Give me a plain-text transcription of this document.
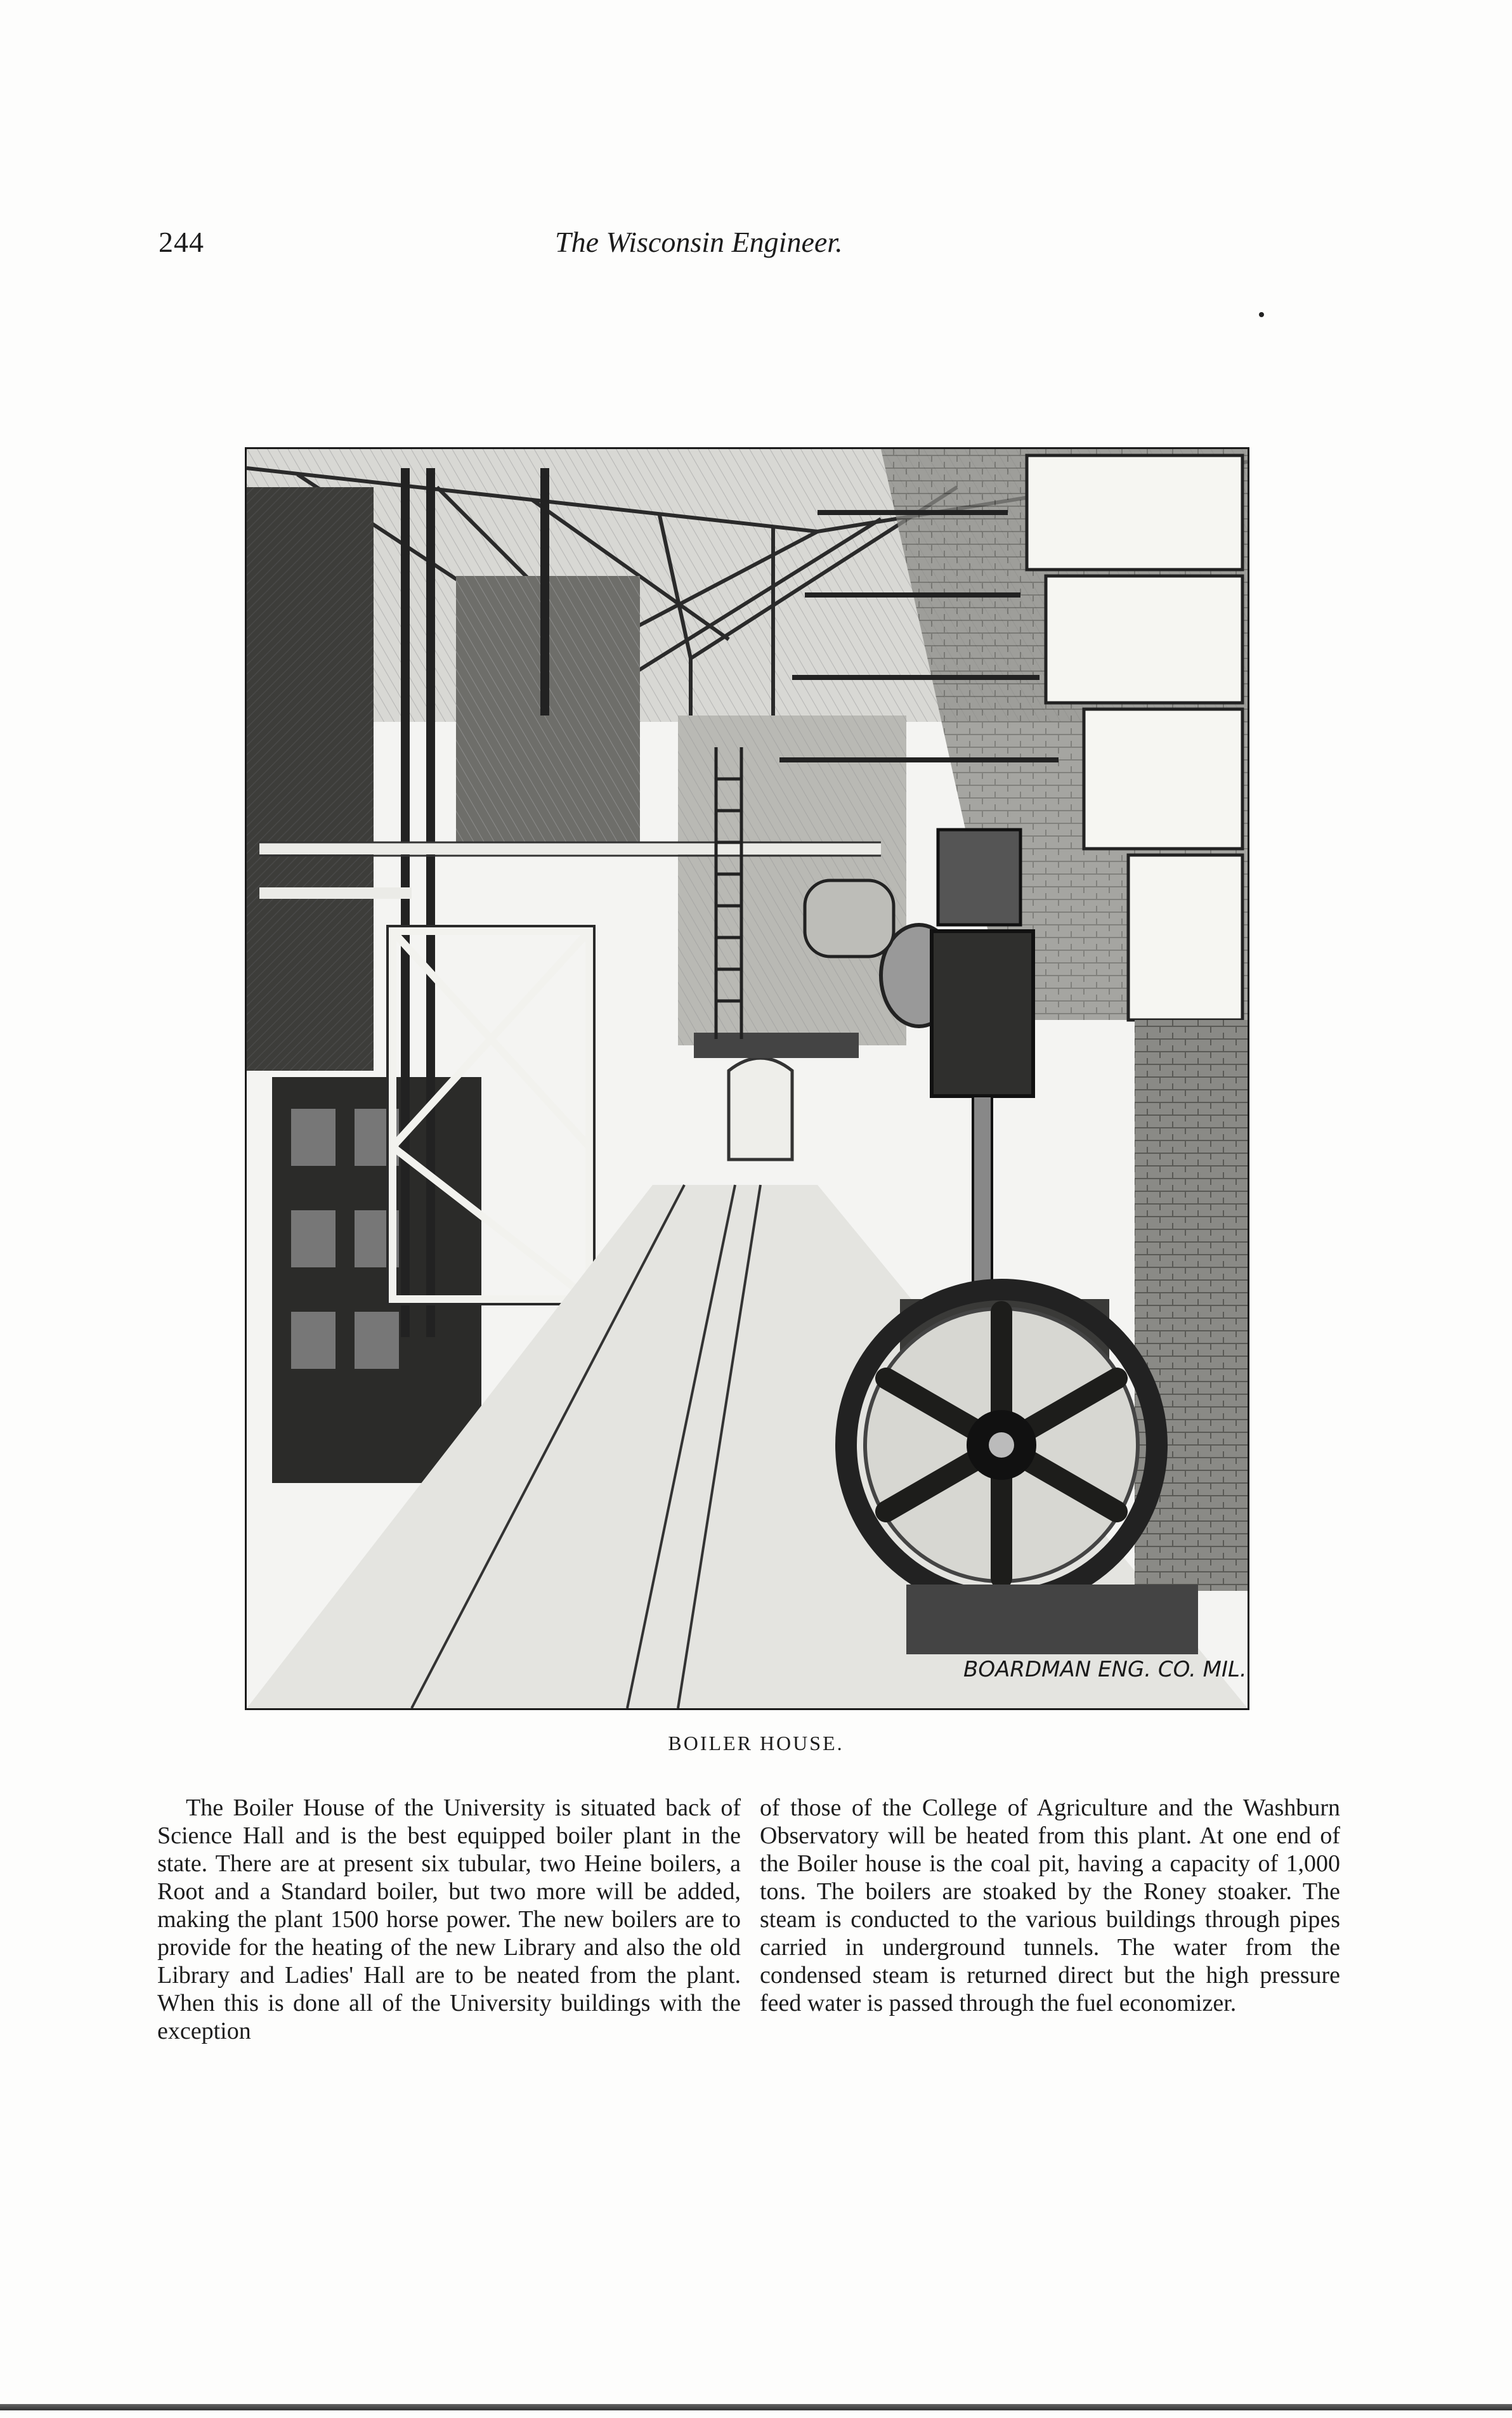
244	The Wisconsin Engineer.
BOARDMAN ENG. CO. MIL.
BOILER HOUSE.

The Boiler House of the University is situated back of Science Hall and is the best equipped boiler plant in the state. There are at present six tubular, two Heine boilers, a Root and a Standard boiler, but two more will be added, making the plant 1500 horse power. The new boilers are to provide for the heating of the new Library and also the old Library and Ladies' Hall are to be neated from the plant. When this is done all of the University buildings with the exception

of those of the College of Agriculture and the Washburn Observatory will be heated from this plant. At one end of the Boiler house is the coal pit, having a capacity of 1,000 tons. The boilers are stoaked by the Roney stoaker. The steam is conducted to the various buildings through pipes carried in underground tunnels. The water from the condensed steam is returned direct but the high pressure feed water is passed through the fuel economizer.
